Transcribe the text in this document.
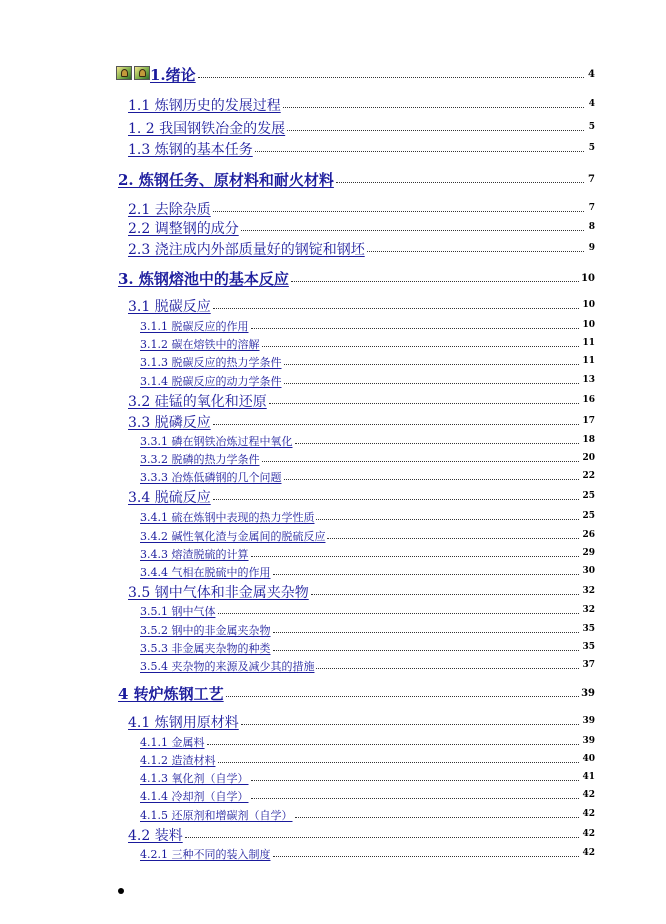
1.绪论	4
1.1 炼钢历史的发展过程	4
1. 2 我国钢铁冶金的发展	5
1.3 炼钢的基本任务	5
2. 炼钢任务、原材料和耐火材料	7
2.1 去除杂质	7
2.2 调整钢的成分	8
2.3 浇注成内外部质量好的钢锭和钢坯	9
3. 炼钢熔池中的基本反应	10
3.1 脱碳反应	10
3.1.1 脱碳反应的作用	10
3.1.2 碳在熔铁中的溶解	11
3.1.3 脱碳反应的热力学条件	11
3.1.4 脱碳反应的动力学条件	13
3.2 硅锰的氧化和还原	16
3.3 脱磷反应	17
3.3.1 磷在钢铁冶炼过程中氧化	18
3.3.2 脱磷的热力学条件	20
3.3.3 冶炼低磷钢的几个问题	22
3.4 脱硫反应	25
3.4.1 硫在炼钢中表现的热力学性质	25
3.4.2 碱性氧化渣与金属间的脱硫反应	26
3.4.3 熔渣脱硫的计算	29
3.4.4 气相在脱硫中的作用	30
3.5 钢中气体和非金属夹杂物	32
3.5.1 钢中气体	32
3.5.2 钢中的非金属夹杂物	35
3.5.3 非金属夹杂物的种类	35
3.5.4 夹杂物的来源及减少其的措施	37
4 转炉炼钢工艺	39
4.1 炼钢用原材料	39
4.1.1 金属料	39
4.1.2 造渣材料	40
4.1.3 氧化剂（自学）	41
4.1.4 冷却剂（自学）	42
4.1.5 还原剂和增碳剂（自学）	42
4.2 装料	42
4.2.1 三种不同的装入制度	42
